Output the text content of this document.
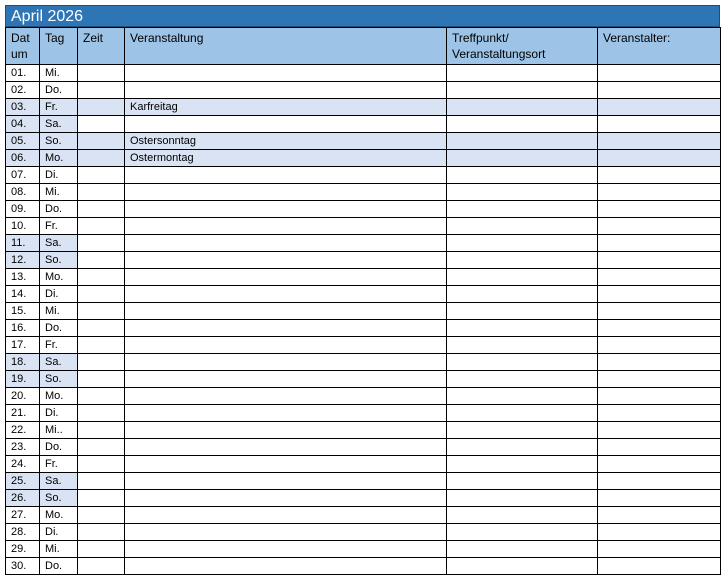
April 2026
Dat um	Tag	Zeit	Veranstaltung	Treffpunkt/ Veranstaltungsort	Veranstalter:
01.	Mi.				
02.	Do.				
03.	Fr.		Karfreitag		
04.	Sa.				
05.	So.		Ostersonntag		
06.	Mo.		Ostermontag		
07.	Di.				
08.	Mi.				
09.	Do.				
10.	Fr.				
11.	Sa.				
12.	So.				
13.	Mo.				
14.	Di.				
15.	Mi.				
16.	Do.				
17.	Fr.				
18.	Sa.				
19.	So.				
20.	Mo.				
21.	Di.				
22.	Mi..				
23.	Do.				
24.	Fr.				
25.	Sa.				
26.	So.				
27.	Mo.				
28.	Di.				
29.	Mi.				
30.	Do.				
